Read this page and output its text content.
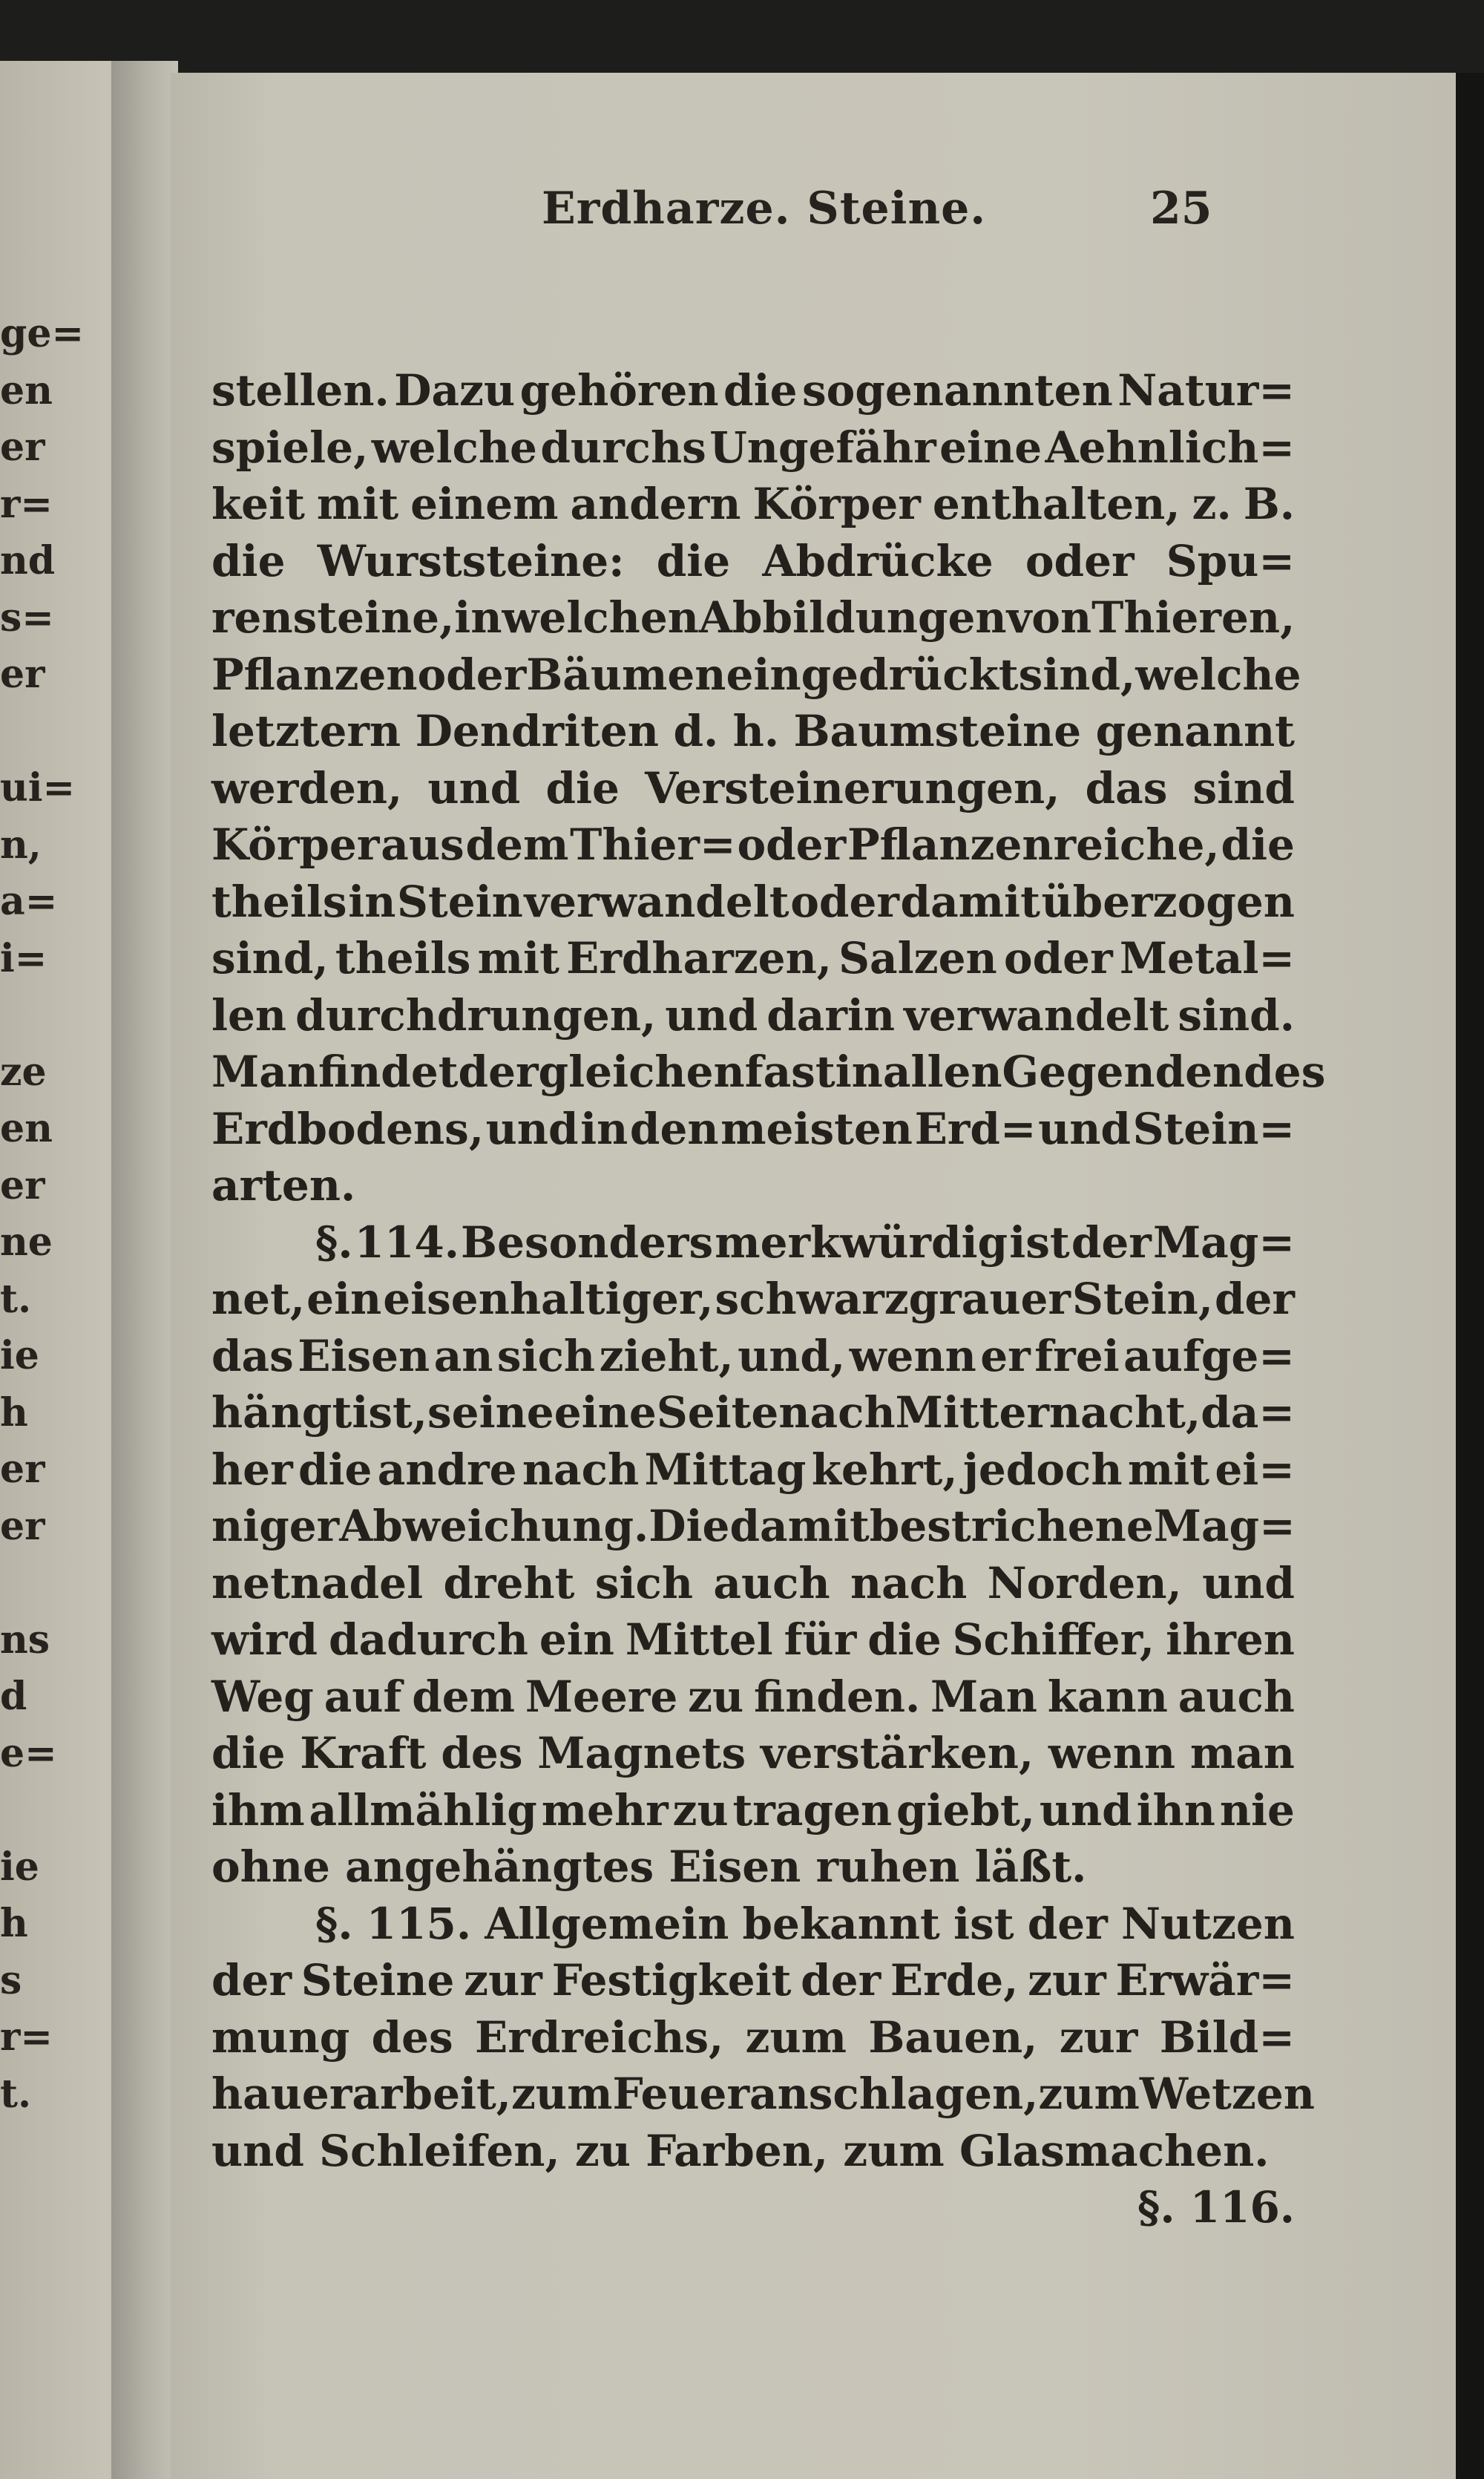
ge=
en
er
r=
nd
s=
er
ui=
n,
a=
i=
ze
en
er
ne
t.
ie
h
er
er
ns
d
e=
ie
h
s
r=
t.
Erdharze. Steine.	25
stellen. Dazu gehören die sogenannten Natur=
spiele, welche durchs Ungefähr eine Aehnlich=
keit mit einem andern Körper enthalten, z. B.
die Wurststeine: die Abdrücke oder Spu=
rensteine, in welchen Abbildungen von Thieren,
Pflanzen oder Bäumen eingedrückt sind, welche
letztern Dendriten d. h. Baumsteine genannt
werden, und die Versteinerungen, das sind
Körper aus dem Thier= oder Pflanzenreiche, die
theils in Stein verwandelt oder damit überzogen
sind, theils mit Erdharzen, Salzen oder Metal=
len durchdrungen, und darin verwandelt sind.
Man findet dergleichen fast in allen Gegenden des
Erdbodens, und in den meisten Erd= und Stein=
arten.
§. 114. Besonders merkwürdig ist der Mag=
net, ein eisenhaltiger, schwarzgrauer Stein, der
das Eisen an sich zieht, und, wenn er frei aufge=
hängt ist, seine eine Seite nach Mitternacht, da=
her die andre nach Mittag kehrt, jedoch mit ei=
niger Abweichung. Die damit bestrichene Mag=
netnadel dreht sich auch nach Norden, und
wird dadurch ein Mittel für die Schiffer, ihren
Weg auf dem Meere zu finden. Man kann auch
die Kraft des Magnets verstärken, wenn man
ihm allmählig mehr zu tragen giebt, und ihn nie
ohne angehängtes Eisen ruhen läßt.
§. 115. Allgemein bekannt ist der Nutzen
der Steine zur Festigkeit der Erde, zur Erwär=
mung des Erdreichs, zum Bauen, zur Bild=
hauerarbeit, zum Feueranschlagen, zum Wetzen
und Schleifen, zu Farben, zum Glasmachen.
§. 116.
